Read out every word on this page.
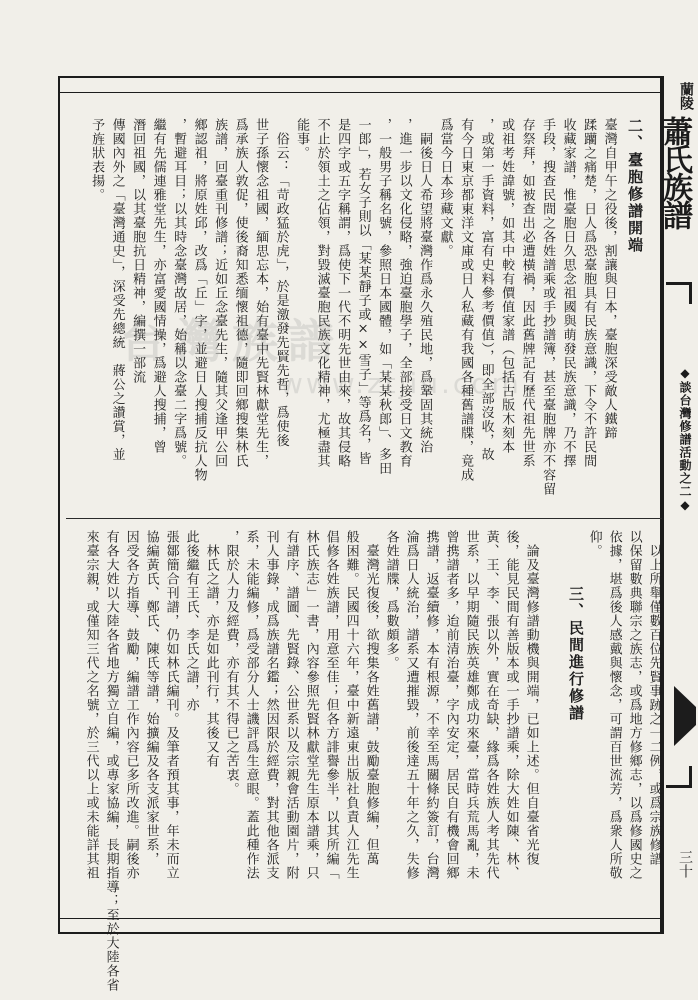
蘭陵
蕭氏族譜
◆談台灣修譜活動之二◆
三十
二、臺胞修譜開端
臺灣自甲午之役後，割讓與日本，臺胞深受敵人鐵蹄
蹂躪之痛楚，日人爲恐臺胞具有民族意識，下令不許民間
收藏家譜，惟臺胞日久思念祖國與萌發民族意識，乃不擇
手段，搜查民間之各姓譜乘或手抄譜簿，甚至臺胞牌亦不容留
存祭拜，如被查出必遭橫禍，因此舊牌記有歷代祖先世系
或祖考姓諱號，如其中較有價值家譜（包括古版木刻本
，或第一手資料，富有史料參考價值），即全部沒收，故
有今日東京都東洋文庫或日人私藏有我國各種舊譜牒，竟成
爲當今日本珍藏文獻。
　嗣後日人希望將臺灣作爲永久殖民地，爲鞏固其統治
，進一步以文化侵略，強迫臺胞學子，全部接受日文教育
，一般男子稱名號，參照日本國體，如「某某秋郎」、多田
一郎」，若女子則以「某某靜子或××雪子」等爲名，皆
是四字或五字稱謂，爲使下一代不明先世由來，故其侵略
不止於領土之佔領，對毀滅臺胞民族文化精神，尤極盡其
能事。
　俗云：「苛政猛於虎」，於是激發先賢先哲，爲使後
世子孫懷念祖國，緬思忘本，始有臺中先賢林獻堂先生，
爲承族人敦促，使後裔知悉缅懷祖德，隨即回鄉搜集林氏
族譜，回臺重刊修譜；近如丘念臺先生，隨其父逢甲公回
鄉認祖，將原姓邱，改爲「丘」字，並避日人搜捕反抗人物
，暫避耳目；以其時念臺灣故居，始稱以念臺二字爲號。
繼有先儒連雅堂先生，亦富愛國情操，爲避人搜捕，曾
潛回祖國，以其臺胞抗日精神，編撰一部流
傳國內外之「臺灣通史」，深受先總統　蔣公之讚賞，並
予旌狀表揚。
　以上所舉僅數百位先賢事跡之一二例，或爲宗族修譜
以保留數典聯宗之族志，或爲地方修鄉志，以爲修國史之
依據，堪爲後人感戴與懷念，可謂百世流芳，爲衆人所敬
仰。
三、民間進行修譜
　論及臺灣修譜動機與開端，已如上述。但自臺省光復
後，能見民間有善版本或一手抄譜乘，除大姓如陳、林、
黃、王、李、張以外，實在奇缺，緣爲各姓族人考其先代
世系，以早期隨民族英雄鄭成功來臺，當時兵荒馬亂，未
曾携譜者多，迨前清治臺，字內安定，居民自有機會回鄉
携譜，返臺續修，本有根源，不幸至馬關條約簽訂，台灣
淪爲日人統治，譜系又遭摧毀，前後達五十年之久，失修
各姓譜牒，爲數頗多。
　臺灣光復後，欲搜集各姓舊譜，鼓勵臺胞修編，但萬
般困難。民國四十六年，臺中新遠東出版社負責人江先生
倡修各姓族譜，用意至佳；但各方誹譽參半，以其所編「
林氏族志」一書，內容參照先賢林獻堂先生原本譜乘，只
有譜序、譜圖、先賢錄、公世系以及宗親會活動園片，附
刊人事錄，成爲族譜名鑑；然因限於經費，對其他各派支
系，未能編修，爲受部分人士譏評爲生意眼。蓋此種作法
，限於人力及經費，亦有其不得已之苦衷。
　林氏之譜，亦是如此刊行，其後又有
此後繼有王氏、李氏之譜，亦
張鄒簡合刊譜，仍如林氏編刊。及筆者預其事，年未而立
協編黃氏、鄭氏、陳氏等譜，始擴編及各支派家世系，
因受各方指導、鼓勵，編譜工作內容已多所改進。嗣後亦
有各大姓以大陸各省地方獨立自編，或專家協編，長期指導；至於大陸各省
來臺宗親，或僅知三代之名號，於三代以上或未能詳其祖
台灣族譜
www.ztjiu.com
